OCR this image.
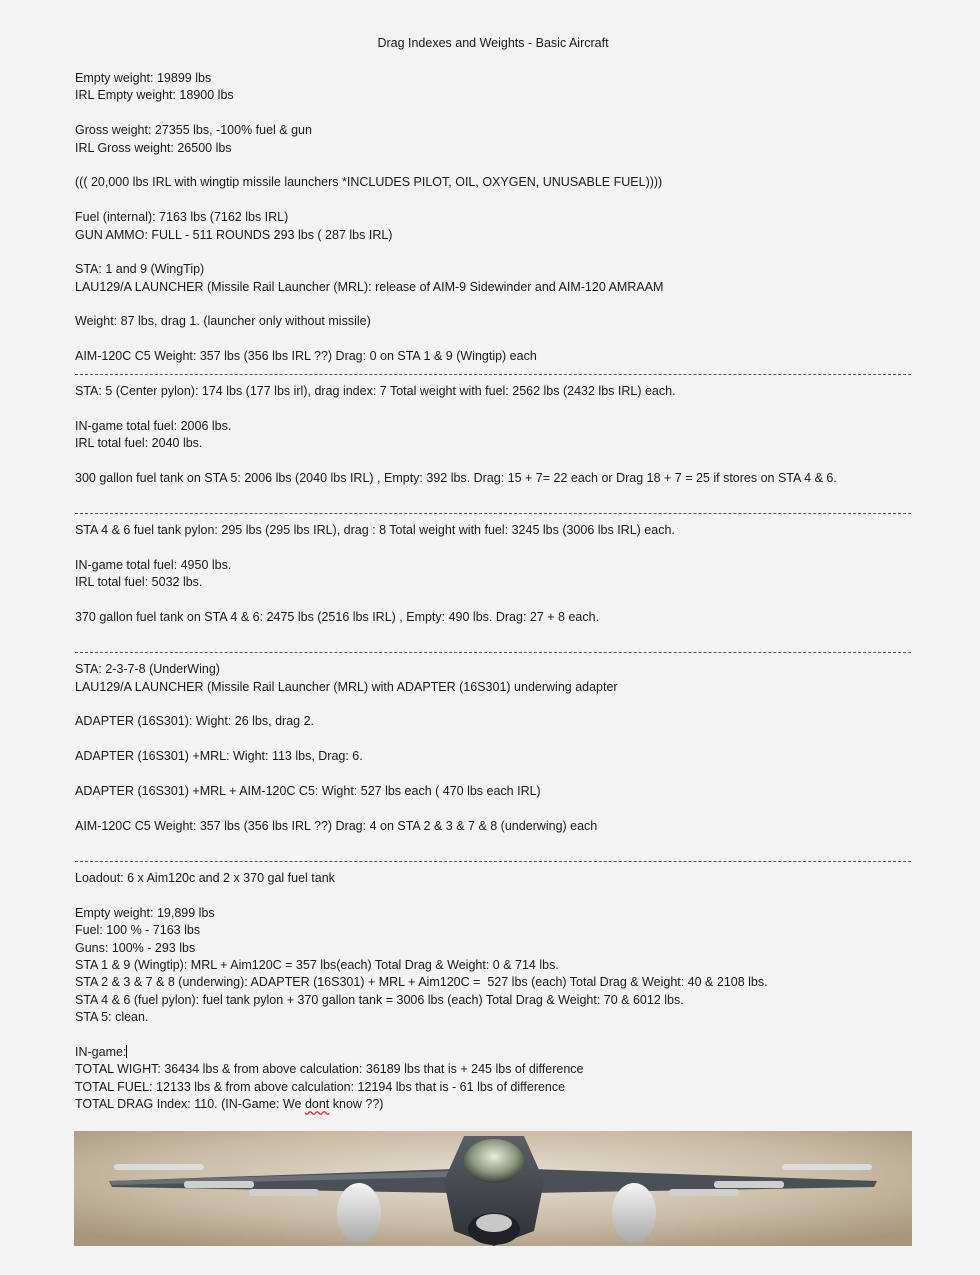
Drag Indexes and Weights - Basic Aircraft
Empty weight: 19899 lbs
IRL Empty weight: 18900 lbs
Gross weight: 27355 lbs, -100% fuel & gun
IRL Gross weight: 26500 lbs
((( 20,000 lbs IRL with wingtip missile launchers *INCLUDES PILOT, OIL, OXYGEN, UNUSABLE FUEL))))
Fuel (internal): 7163 lbs (7162 lbs IRL)
GUN AMMO: FULL - 511 ROUNDS 293 lbs ( 287 lbs IRL)
STA: 1 and 9 (WingTip)
LAU129/A LAUNCHER (Missile Rail Launcher (MRL): release of AIM-9 Sidewinder and AIM-120 AMRAAM
Weight: 87 lbs, drag 1. (launcher only without missile)
AIM-120C C5 Weight: 357 lbs (356 lbs IRL ??) Drag: 0 on STA 1 & 9 (Wingtip) each
STA: 5 (Center pylon): 174 lbs (177 lbs irl), drag index: 7 Total weight with fuel: 2562 lbs (2432 lbs IRL) each.
IN-game total fuel: 2006 lbs.
IRL total fuel: 2040 lbs.
300 gallon fuel tank on STA 5: 2006 lbs (2040 lbs IRL) , Empty: 392 lbs. Drag: 15 + 7= 22 each or Drag 18 + 7 = 25 if stores on STA 4 & 6.
STA 4 & 6 fuel tank pylon: 295 lbs (295 lbs IRL), drag : 8 Total weight with fuel: 3245 lbs (3006 lbs IRL) each.
IN-game total fuel: 4950 lbs.
IRL total fuel: 5032 lbs.
370 gallon fuel tank on STA 4 & 6: 2475 lbs (2516 lbs IRL) , Empty: 490 lbs. Drag: 27 + 8 each.
STA: 2-3-7-8 (UnderWing)
LAU129/A LAUNCHER (Missile Rail Launcher (MRL) with ADAPTER (16S301) underwing adapter
ADAPTER (16S301): Wight: 26 lbs, drag 2.
ADAPTER (16S301) +MRL: Wight: 113 lbs, Drag: 6.
ADAPTER (16S301) +MRL + AIM-120C C5: Wight: 527 lbs each ( 470 lbs each IRL)
AIM-120C C5 Weight: 357 lbs (356 lbs IRL ??) Drag: 4 on STA 2 & 3 & 7 & 8 (underwing) each
Loadout: 6 x Aim120c and 2 x 370 gal fuel tank
Empty weight: 19,899 lbs
Fuel: 100 % - 7163 lbs
Guns: 100% - 293 lbs
STA 1 & 9 (Wingtip): MRL + Aim120C = 357 lbs(each) Total Drag & Weight: 0 & 714 lbs.
STA 2 & 3 & 7 & 8 (underwing): ADAPTER (16S301) + MRL + Aim120C =  527 lbs (each) Total Drag & Weight: 40 & 2108 lbs.
STA 4 & 6 (fuel pylon): fuel tank pylon + 370 gallon tank = 3006 lbs (each) Total Drag & Weight: 70 & 6012 lbs.
STA 5: clean.
IN-game:
TOTAL WIGHT: 36434 lbs & from above calculation: 36189 lbs that is + 245 lbs of difference
TOTAL FUEL: 12133 lbs & from above calculation: 12194 lbs that is - 61 lbs of difference
TOTAL DRAG Index: 110. (IN-Game: We dont know ??)
